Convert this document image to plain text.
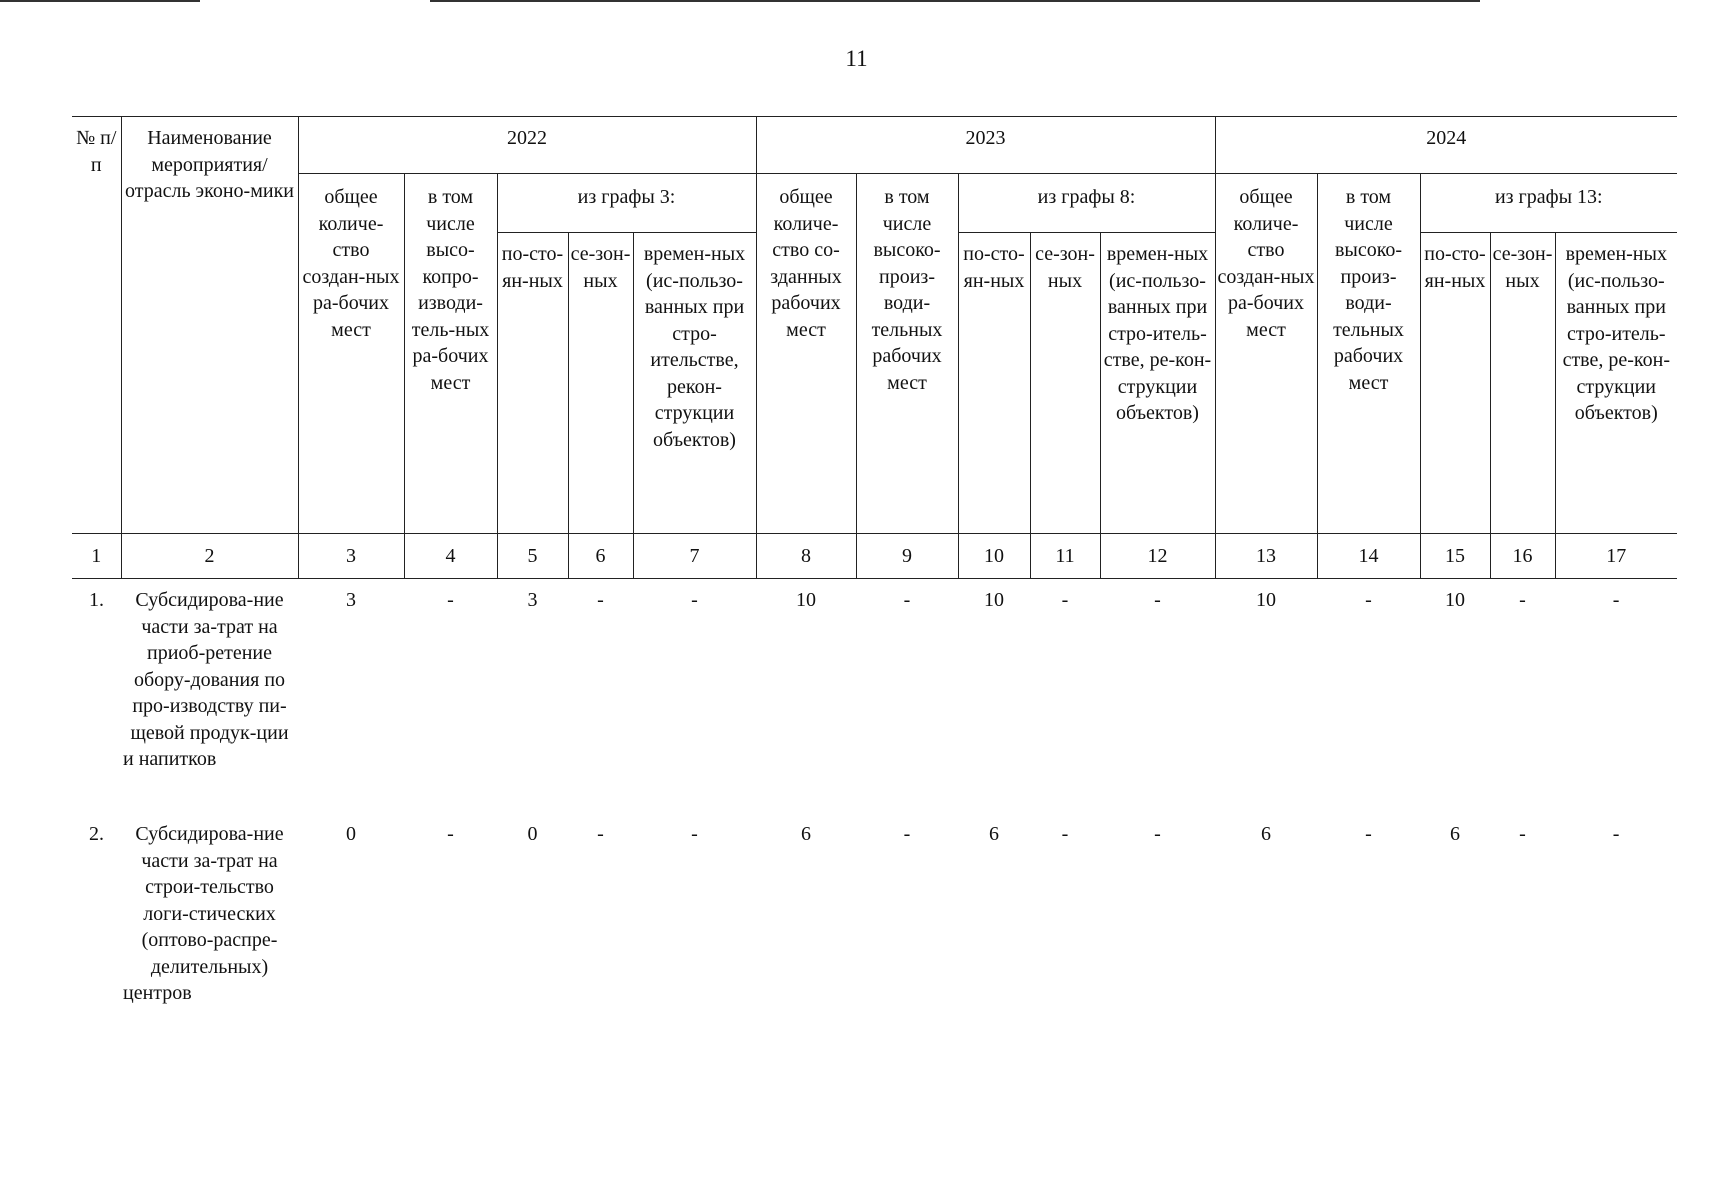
11
№ п/п	Наименование мероприятия/ отрасль эконо-мики	2022					2023					2024				
		общее количе-ство создан-ных ра-бочих мест	в том числе высо-копро-изводи-тель-ных ра-бочих мест	из графы 3:			общее количе-ство со-зданных рабочих мест	в том числе высоко-произ-води-тельных рабочих мест	из графы 8:			общее количе-ство создан-ных ра-бочих мест	в том числе высоко-произ-води-тельных рабочих мест	из графы 13:		
				по-сто-ян-ных	се-зон-ных	времен-ных (ис-пользо-ванных при стро-ительстве, рекон-струкции объектов)			по-сто-ян-ных	се-зон-ных	времен-ных (ис-пользо-ванных при стро-итель-стве, ре-кон-струкции объектов)			по-сто-ян-ных	се-зон-ных	времен-ных (ис-пользо-ванных при стро-итель-стве, ре-кон-струкции объектов)
1	2	3	4	5	6	7	8	9	10	11	12	13	14	15	16	17
1.	Субсидирова-ние части за-трат на приоб-ретение обору-дования по про-изводству пи-щевой продук-ции и напитков	3	-	3	-	-	10	-	10	-	-	10	-	10	-	-
2.	Субсидирова-ние части за-трат на строи-тельство логи-стических (оптово-распре-делительных) центров	0	-	0	-	-	6	-	6	-	-	6	-	6	-	-
